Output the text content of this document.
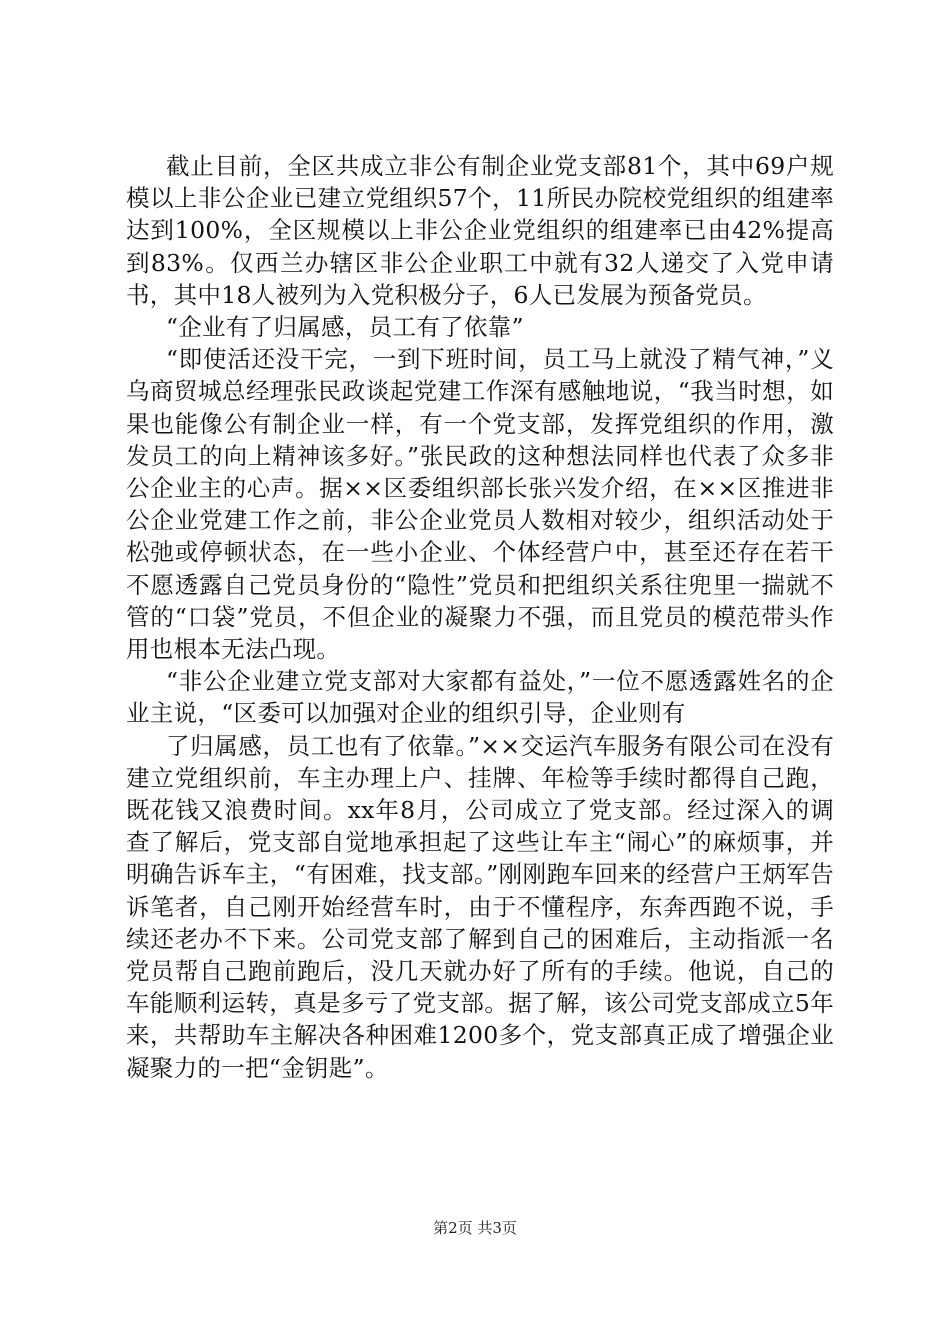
截止目前，全区共成立非公有制企业党支部81个，其中69户规模以上非公企业已建立党组织57个，11所民办院校党组织的组建率达到100%，全区规模以上非公企业党组织的组建率已由42%提高到83%。仅西兰办辖区非公企业职工中就有32人递交了入党申请书，其中18人被列为入党积极分子，6人已发展为预备党员。

“企业有了归属感，员工有了依靠”

“即使活还没干完，一到下班时间，员工马上就没了精气神，”义乌商贸城总经理张民政谈起党建工作深有感触地说，“我当时想，如果也能像公有制企业一样，有一个党支部，发挥党组织的作用，激发员工的向上精神该多好。”张民政的这种想法同样也代表了众多非公企业主的心声。据××区委组织部长张兴发介绍，在××区推进非公企业党建工作之前，非公企业党员人数相对较少，组织活动处于松弛或停顿状态，在一些小企业、个体经营户中，甚至还存在若干不愿透露自己党员身份的“隐性”党员和把组织关系往兜里一揣就不管的“口袋”党员，不但企业的凝聚力不强，而且党员的模范带头作用也根本无法凸现。

“非公企业建立党支部对大家都有益处，”一位不愿透露姓名的企业主说，“区委可以加强对企业的组织引导，企业则有

了归属感，员工也有了依靠。”××交运汽车服务有限公司在没有建立党组织前，车主办理上户、挂牌、年检等手续时都得自己跑，既花钱又浪费时间。xx年8月，公司成立了党支部。经过深入的调查了解后，党支部自觉地承担起了这些让车主“闹心”的麻烦事，并明确告诉车主，“有困难，找支部。”刚刚跑车回来的经营户王炳军告诉笔者，自己刚开始经营车时，由于不懂程序，东奔西跑不说，手续还老办不下来。公司党支部了解到自己的困难后，主动指派一名党员帮自己跑前跑后，没几天就办好了所有的手续。他说，自己的车能顺利运转，真是多亏了党支部。据了解，该公司党支部成立5年来，共帮助车主解决各种困难1200多个，党支部真正成了增强企业凝聚力的一把“金钥匙”。

第2页 共3页
